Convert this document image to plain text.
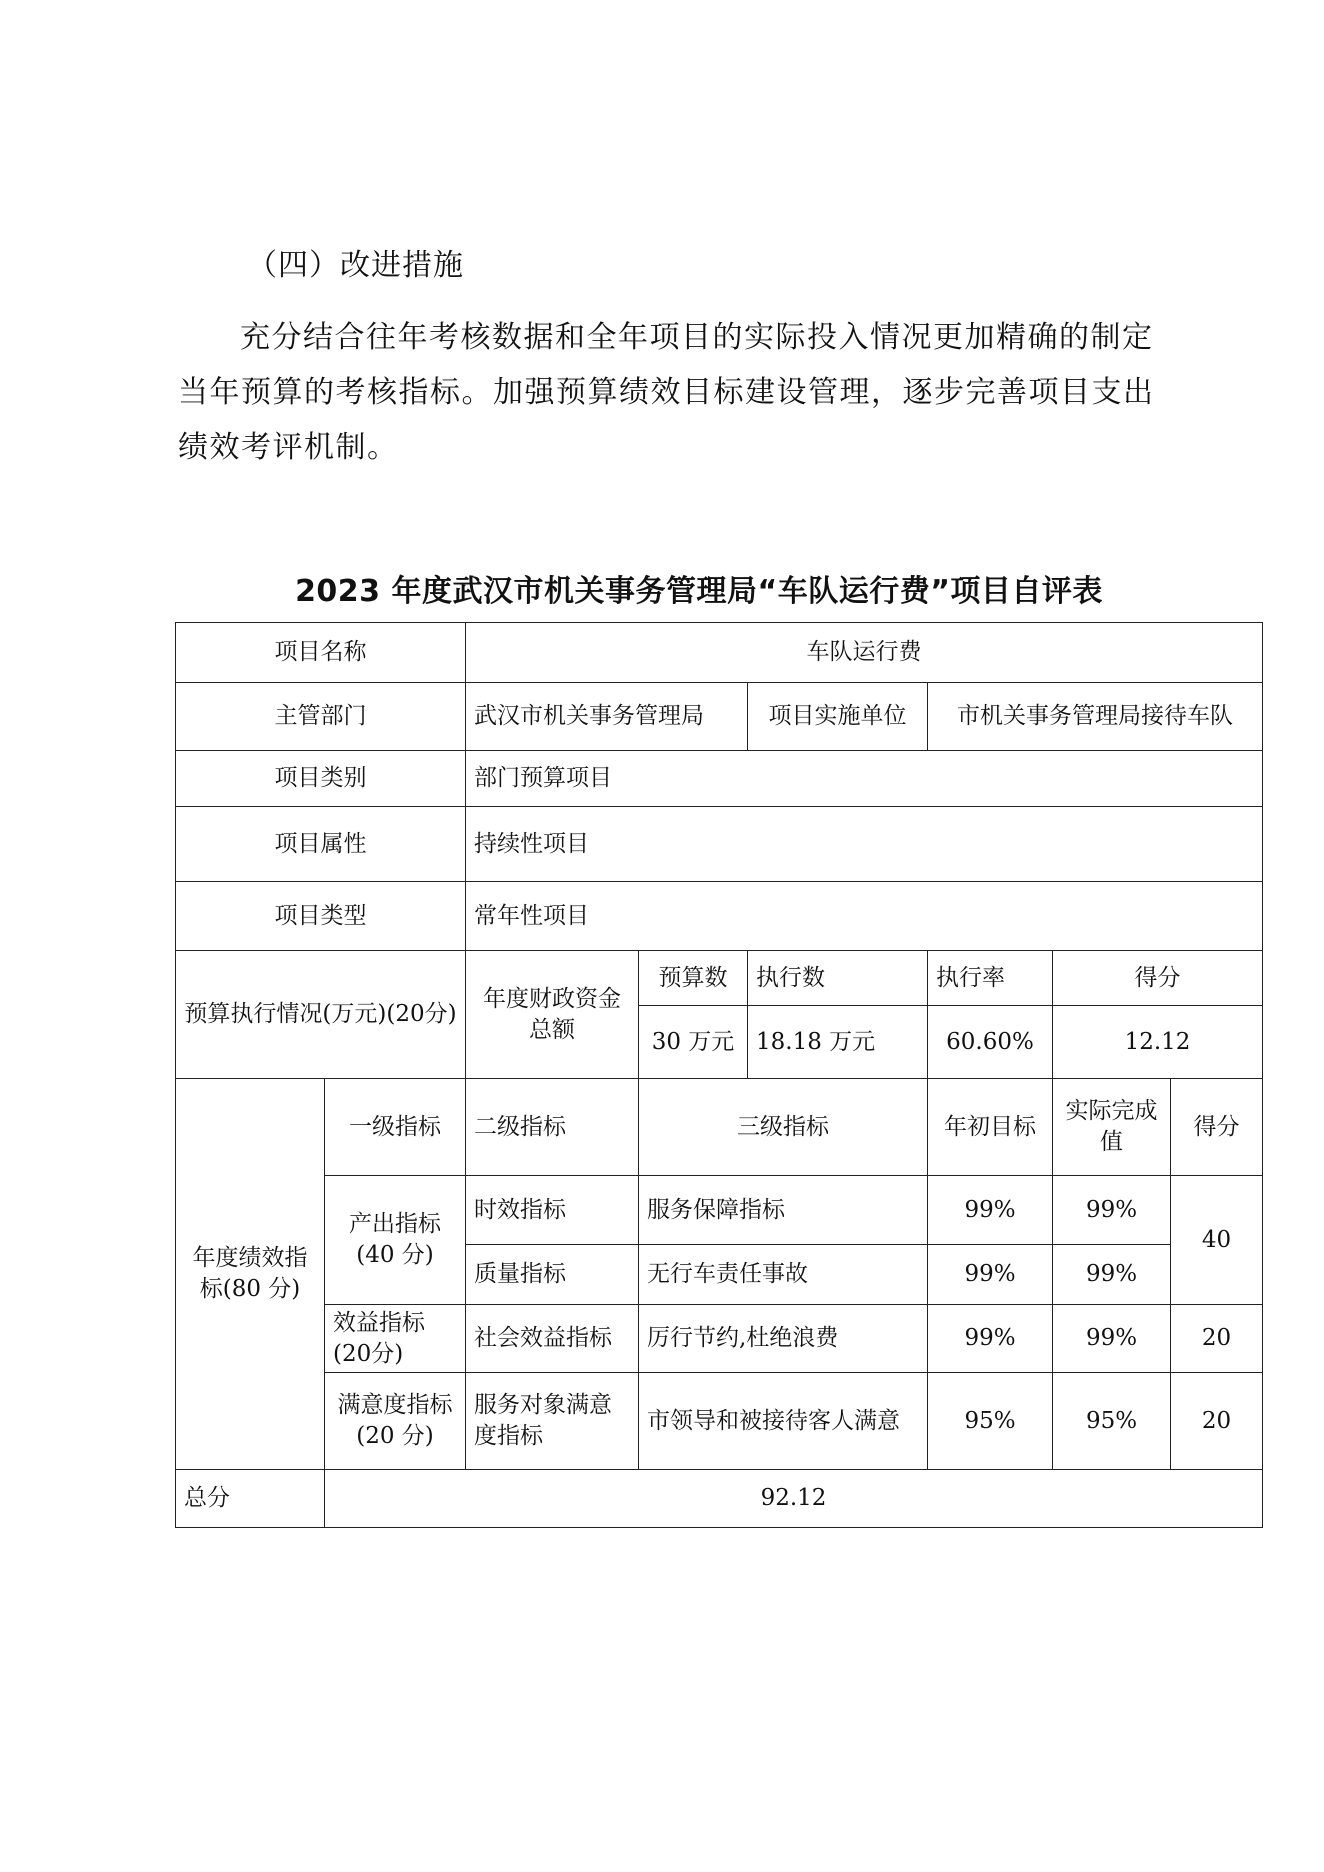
（四）改进措施
充分结合往年考核数据和全年项目的实际投入情况更加精确的制定当年预算的考核指标。加强预算绩效目标建设管理，逐步完善项目支出绩效考评机制。
2023 年度武汉市机关事务管理局“车队运行费”项目自评表
项目名称		车队运行费					
主管部门		武汉市机关事务管理局		项目实施单位	市机关事务管理局接待车队		
项目类别		部门预算项目					
项目属性		持续性项目					
项目类型		常年性项目					
预算执行情况(万元)(20分)		年度财政资金总额	预算数	执行数	执行率	得分	
			30 万元	18.18 万元	60.60%	12.12	
年度绩效指标(80 分)	一级指标	二级指标	三级指标		年初目标	实际完成值	得分
	产出指标(40 分)	时效指标	服务保障指标		99%	99%	40
		质量指标	无行车责任事故		99%	99%	
	效益指标(20分)	社会效益指标	厉行节约,杜绝浪费		99%	99%	20
	满意度指标(20 分)	服务对象满意度指标	市领导和被接待客人满意		95%	95%	20
总分	92.12						
